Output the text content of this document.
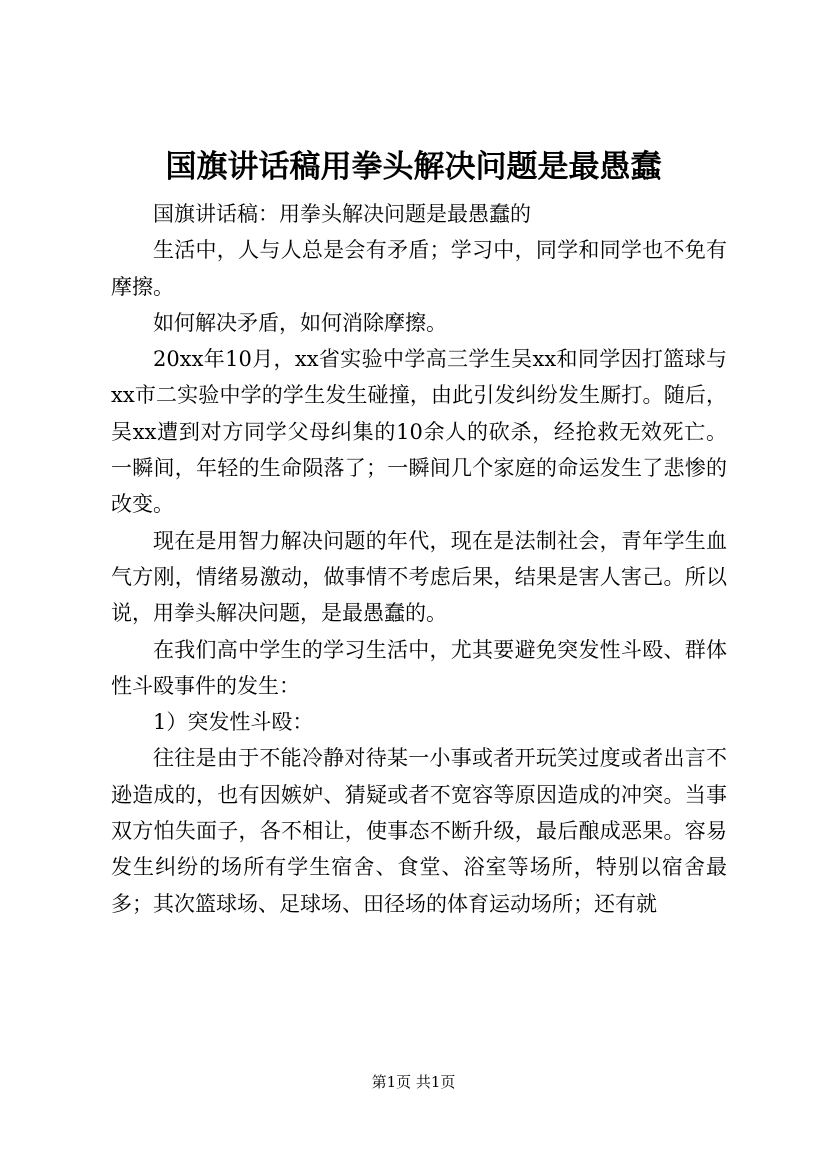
国旗讲话稿用拳头解决问题是最愚蠢

国旗讲话稿：用拳头解决问题是最愚蠢的

生活中，人与人总是会有矛盾；学习中，同学和同学也不免有摩擦。

如何解决矛盾，如何消除摩擦。

20xx年10月，xx省实验中学高三学生吴xx和同学因打篮球与xx市二实验中学的学生发生碰撞，由此引发纠纷发生厮打。随后，吴xx遭到对方同学父母纠集的10余人的砍杀，经抢救无效死亡。一瞬间，年轻的生命陨落了；一瞬间几个家庭的命运发生了悲惨的改变。

现在是用智力解决问题的年代，现在是法制社会，青年学生血气方刚，情绪易激动，做事情不考虑后果，结果是害人害己。所以说，用拳头解决问题，是最愚蠢的。

在我们高中学生的学习生活中，尤其要避免突发性斗殴、群体性斗殴事件的发生：

1）突发性斗殴：

往往是由于不能冷静对待某一小事或者开玩笑过度或者出言不逊造成的，也有因嫉妒、猜疑或者不宽容等原因造成的冲突。当事双方怕失面子，各不相让，使事态不断升级，最后酿成恶果。容易发生纠纷的场所有学生宿舍、食堂、浴室等场所，特别以宿舍最多；其次篮球场、足球场、田径场的体育运动场所；还有就

第1页 共1页
